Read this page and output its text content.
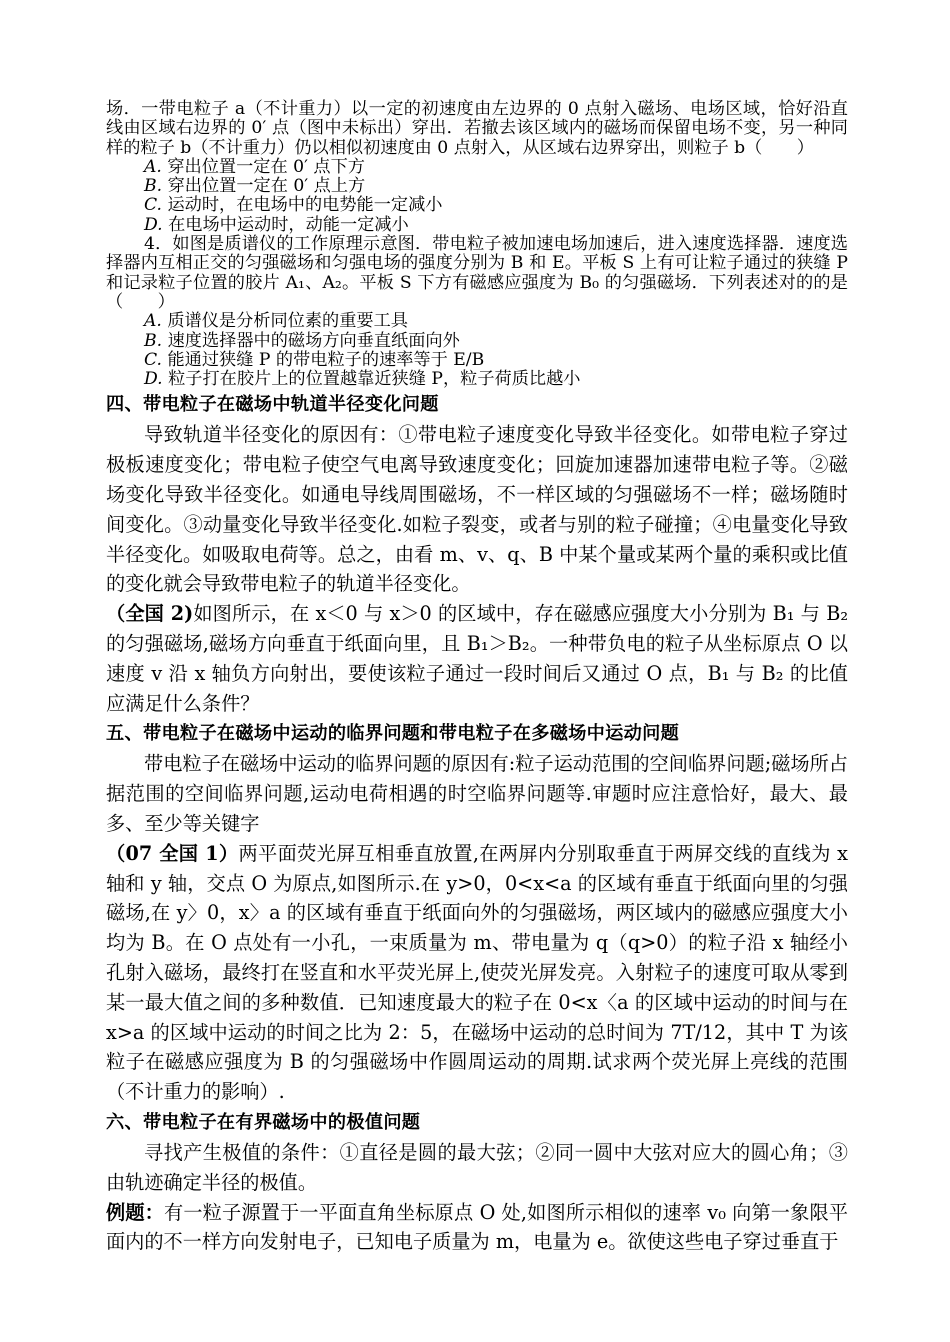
场．一带电粒子 a（不计重力）以一定的初速度由左边界的 0 点射入磁场、电场区域，恰好沿直线由区域右边界的 0′ 点（图中未标出）穿出．若撤去该区域内的磁场而保留电场不变，另一种同样的粒子 b（不计重力）仍以相似初速度由 0 点射入，从区域右边界穿出，则粒子 b（　　）

A. 穿出位置一定在 0′ 点下方

B. 穿出位置一定在 0′ 点上方

C. 运动时，在电场中的电势能一定减小

D. 在电场中运动时，动能一定减小

4．如图是质谱仪的工作原理示意图．带电粒子被加速电场加速后，进入速度选择器．速度选择器内互相正交的匀强磁场和匀强电场的强度分别为 B 和 E。平板 S 上有可让粒子通过的狭缝 P 和记录粒子位置的胶片 A₁、A₂。平板 S 下方有磁感应强度为 B₀ 的匀强磁场．下列表述对的的是（　　）

A. 质谱仪是分析同位素的重要工具

B. 速度选择器中的磁场方向垂直纸面向外

C. 能通过狭缝 P 的带电粒子的速率等于 E/B

D. 粒子打在胶片上的位置越靠近狭缝 P，粒子荷质比越小

四、带电粒子在磁场中轨道半径变化问题

导致轨道半径变化的原因有：①带电粒子速度变化导致半径变化。如带电粒子穿过极板速度变化；带电粒子使空气电离导致速度变化；回旋加速器加速带电粒子等。②磁场变化导致半径变化。如通电导线周围磁场，不一样区域的匀强磁场不一样；磁场随时间变化。③动量变化导致半径变化.如粒子裂变，或者与别的粒子碰撞；④电量变化导致半径变化。如吸取电荷等。总之，由看 m、v、q、B 中某个量或某两个量的乘积或比值的变化就会导致带电粒子的轨道半径变化。

（全国 2)如图所示，在 x＜0 与 x＞0 的区域中，存在磁感应强度大小分别为 B₁ 与 B₂ 的匀强磁场,磁场方向垂直于纸面向里，且 B₁＞B₂。一种带负电的粒子从坐标原点 O 以速度 v 沿 x 轴负方向射出，要使该粒子通过一段时间后又通过 O 点，B₁ 与 B₂ 的比值应满足什么条件？

五、带电粒子在磁场中运动的临界问题和带电粒子在多磁场中运动问题

带电粒子在磁场中运动的临界问题的原因有:粒子运动范围的空间临界问题;磁场所占据范围的空间临界问题,运动电荷相遇的时空临界问题等.审题时应注意恰好，最大、最多、至少等关键字

（07 全国 1）两平面荧光屏互相垂直放置,在两屏内分别取垂直于两屏交线的直线为 x 轴和 y 轴，交点 O 为原点,如图所示.在 y>0，0<x<a 的区域有垂直于纸面向里的匀强磁场,在 y〉0，x〉a 的区域有垂直于纸面向外的匀强磁场，两区域内的磁感应强度大小均为 B。在 O 点处有一小孔，一束质量为 m、带电量为 q（q>0）的粒子沿 x 轴经小孔射入磁场，最终打在竖直和水平荧光屏上,使荧光屏发亮。入射粒子的速度可取从零到某一最大值之间的多种数值．已知速度最大的粒子在 0<x〈a 的区域中运动的时间与在 x>a 的区域中运动的时间之比为 2：5，在磁场中运动的总时间为 7T/12，其中 T 为该粒子在磁感应强度为 B 的匀强磁场中作圆周运动的周期.试求两个荧光屏上亮线的范围（不计重力的影响）.

六、带电粒子在有界磁场中的极值问题

寻找产生极值的条件：①直径是圆的最大弦；②同一圆中大弦对应大的圆心角；③由轨迹确定半径的极值。

例题：有一粒子源置于一平面直角坐标原点 O 处,如图所示相似的速率 v₀ 向第一象限平面内的不一样方向发射电子，已知电子质量为 m，电量为 e。欲使这些电子穿过垂直于
